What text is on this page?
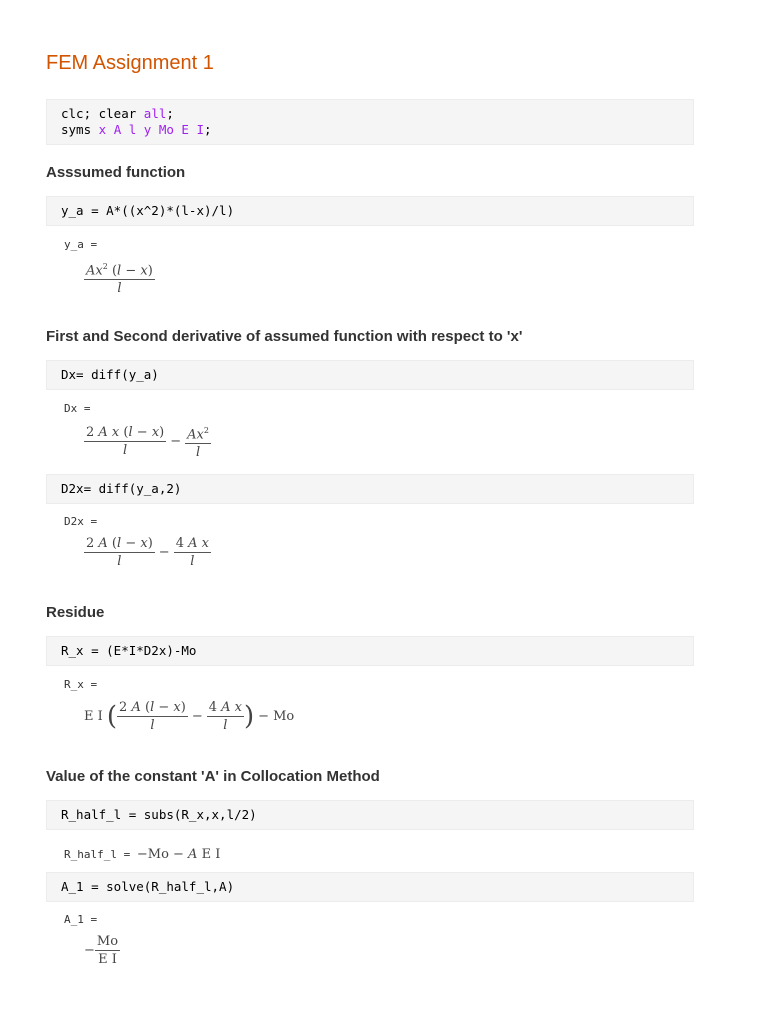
FEM Assignment 1
clc; clear all;
syms x A l y Mo E I;
Asssumed function
y_a = A*((x^2)*(l-x)/l)
y_a =
$\frac{Ax^2 (l - x)}{l}$
First and Second derivative of assumed function with respect to 'x'
Dx= diff(y_a)
Dx =
$\frac{\text{2 A x (l − x)}}{l} - \frac{Ax^2}{l}$
D2x= diff(y_a,2)
D2x =
$\frac{2 A (l - x)}{l} - \frac{\text{4 A x}}{l}$
Residue
R_x = (E*I*D2x)-Mo
R_x =
E I ( $\frac{2 A (l - x)}{l} - \frac{\text{4 A x}}{l}$ ) − Mo
Value of the constant 'A' in Collocation Method
R_half_l = subs(R_x,x,l/2)
R_half_l = −Mo − A E I
A_1 = solve(R_half_l,A)
A_1 =
− $\frac{Mo}{\text{E I}}$
